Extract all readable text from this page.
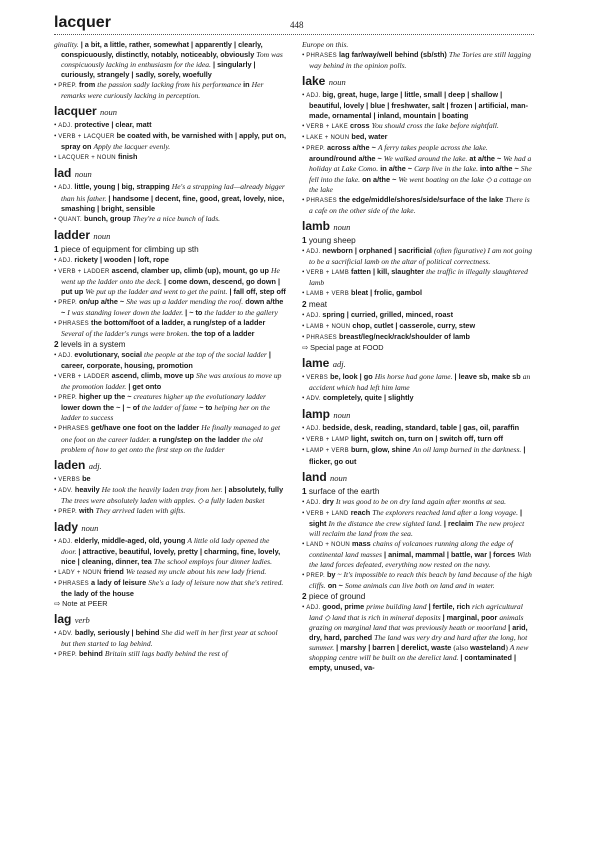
lacquer	448

ginality. | a bit, a little, rather, somewhat | apparently | clearly, conspicuously, distinctly, notably, noticeably, obviously Tom was conspicuously lacking in enthusiasm for the idea. | singularly | curiously, strangely | sadly, sorely, woefully

• PREP. from the passion sadly lacking from his performance in Her remarks were curiously lacking in perception.

lacquer noun

• ADJ. protective | clear, matt

• VERB + LACQUER be coated with, be varnished with | apply, put on, spray on Apply the lacquer evenly.

• LACQUER + NOUN finish

lad noun

• ADJ. little, young | big, strapping He's a strapping lad—already bigger than his father. | handsome | decent, fine, good, great, lovely, nice, smashing | bright, sensible

• QUANT. bunch, group They're a nice bunch of lads.

ladder noun
1 piece of equipment for climbing up sth

• ADJ. rickety | wooden | loft, rope

• VERB + LADDER ascend, clamber up, climb (up), mount, go up He went up the ladder onto the deck. | come down, descend, go down | put up We put up the ladder and went to get the paint. | fall off, step off

• PREP. on/up a/the ~ She was up a ladder mending the roof. down a/the ~ I was standing lower down the ladder. | ~ to the ladder to the gallery

• PHRASES the bottom/foot of a ladder, a rung/step of a ladder Several of the ladder's rungs were broken. the top of a ladder

2 levels in a system

• ADJ. evolutionary, social the people at the top of the social ladder | career, corporate, housing, promotion

• VERB + LADDER ascend, climb, move up She was anxious to move up the promotion ladder. | get onto

• PREP. higher up the ~ creatures higher up the evolutionary ladder lower down the ~ | ~ of the ladder of fame ~ to helping her on the ladder to success

• PHRASES get/have one foot on the ladder He finally managed to get one foot on the career ladder. a rung/step on the ladder the old problem of how to get onto the first step on the ladder

laden adj.

• VERBS be

• ADV. heavily He took the heavily laden tray from her. | absolutely, fully The trees were absolutely laden with apples. ◇ a fully laden basket

• PREP. with They arrived laden with gifts.

lady noun

• ADJ. elderly, middle-aged, old, young A little old lady opened the door. | attractive, beautiful, lovely, pretty | charming, fine, lovely, nice | cleaning, dinner, tea The school employs four dinner ladies.

• LADY + NOUN friend We teased my uncle about his new lady friend.

• PHRASES a lady of leisure She's a lady of leisure now that she's retired. the lady of the house

⇨ Note at PEER

lag verb

• ADV. badly, seriously | behind She did well in her first year at school but then started to lag behind.

• PREP. behind Britain still lags badly behind the rest of

Europe on this.

• PHRASES lag far/way/well behind (sb/sth) The Tories are still lagging way behind in the opinion polls.

lake noun

• ADJ. big, great, huge, large | little, small | deep | shallow | beautiful, lovely | blue | freshwater, salt | frozen | artificial, man-made, ornamental | inland, mountain | boating

• VERB + LAKE cross You should cross the lake before nightfall.

• LAKE + NOUN bed, water

• PREP. across a/the ~ A ferry takes people across the lake. around/round a/the ~ We walked around the lake. at a/the ~ We had a holiday at Lake Como. in a/the ~ Carp live in the lake. into a/the ~ She fell into the lake. on a/the ~ We went boating on the lake ◇ a cottage on the lake

• PHRASES the edge/middle/shores/side/surface of the lake There is a cafe on the other side of the lake.

lamb noun
1 young sheep

• ADJ. newborn | orphaned | sacrificial (often figurative) I am not going to be a sacrificial lamb on the altar of political correctness.

• VERB + LAMB fatten | kill, slaughter the traffic in illegally slaughtered lamb

• LAMB + VERB bleat | frolic, gambol

2 meat

• ADJ. spring | curried, grilled, minced, roast

• LAMB + NOUN chop, cutlet | casserole, curry, stew

• PHRASES breast/leg/neck/rack/shoulder of lamb

⇨ Special page at FOOD

lame adj.

• VERBS be, look | go His horse had gone lame. | leave sb, make sb an accident which had left him lame

• ADV. completely, quite | slightly

lamp noun

• ADJ. bedside, desk, reading, standard, table | gas, oil, paraffin

• VERB + LAMP light, switch on, turn on | switch off, turn off

• LAMP + VERB burn, glow, shine An oil lamp burned in the darkness. | flicker, go out

land noun
1 surface of the earth

• ADJ. dry It was good to be on dry land again after months at sea.

• VERB + LAND reach The explorers reached land after a long voyage. | sight In the distance the crew sighted land. | reclaim The new project will reclaim the land from the sea.

• LAND + NOUN mass chains of volcanoes running along the edge of continental land masses | animal, mammal | battle, war | forces With the land forces defeated, everything now rested on the navy.

• PREP. by ~ It's impossible to reach this beach by land because of the high cliffs. on ~ Some animals can live both on land and in water.

2 piece of ground

• ADJ. good, prime prime building land | fertile, rich rich agricultural land ◇ land that is rich in mineral deposits | marginal, poor animals grazing on marginal land that was previously heath or moorland | arid, dry, hard, parched The land was very dry and hard after the long, hot summer. | marshy | barren | derelict, waste (also wasteland) A new shopping centre will be built on the derelict land. | contaminated | empty, unused, va-
